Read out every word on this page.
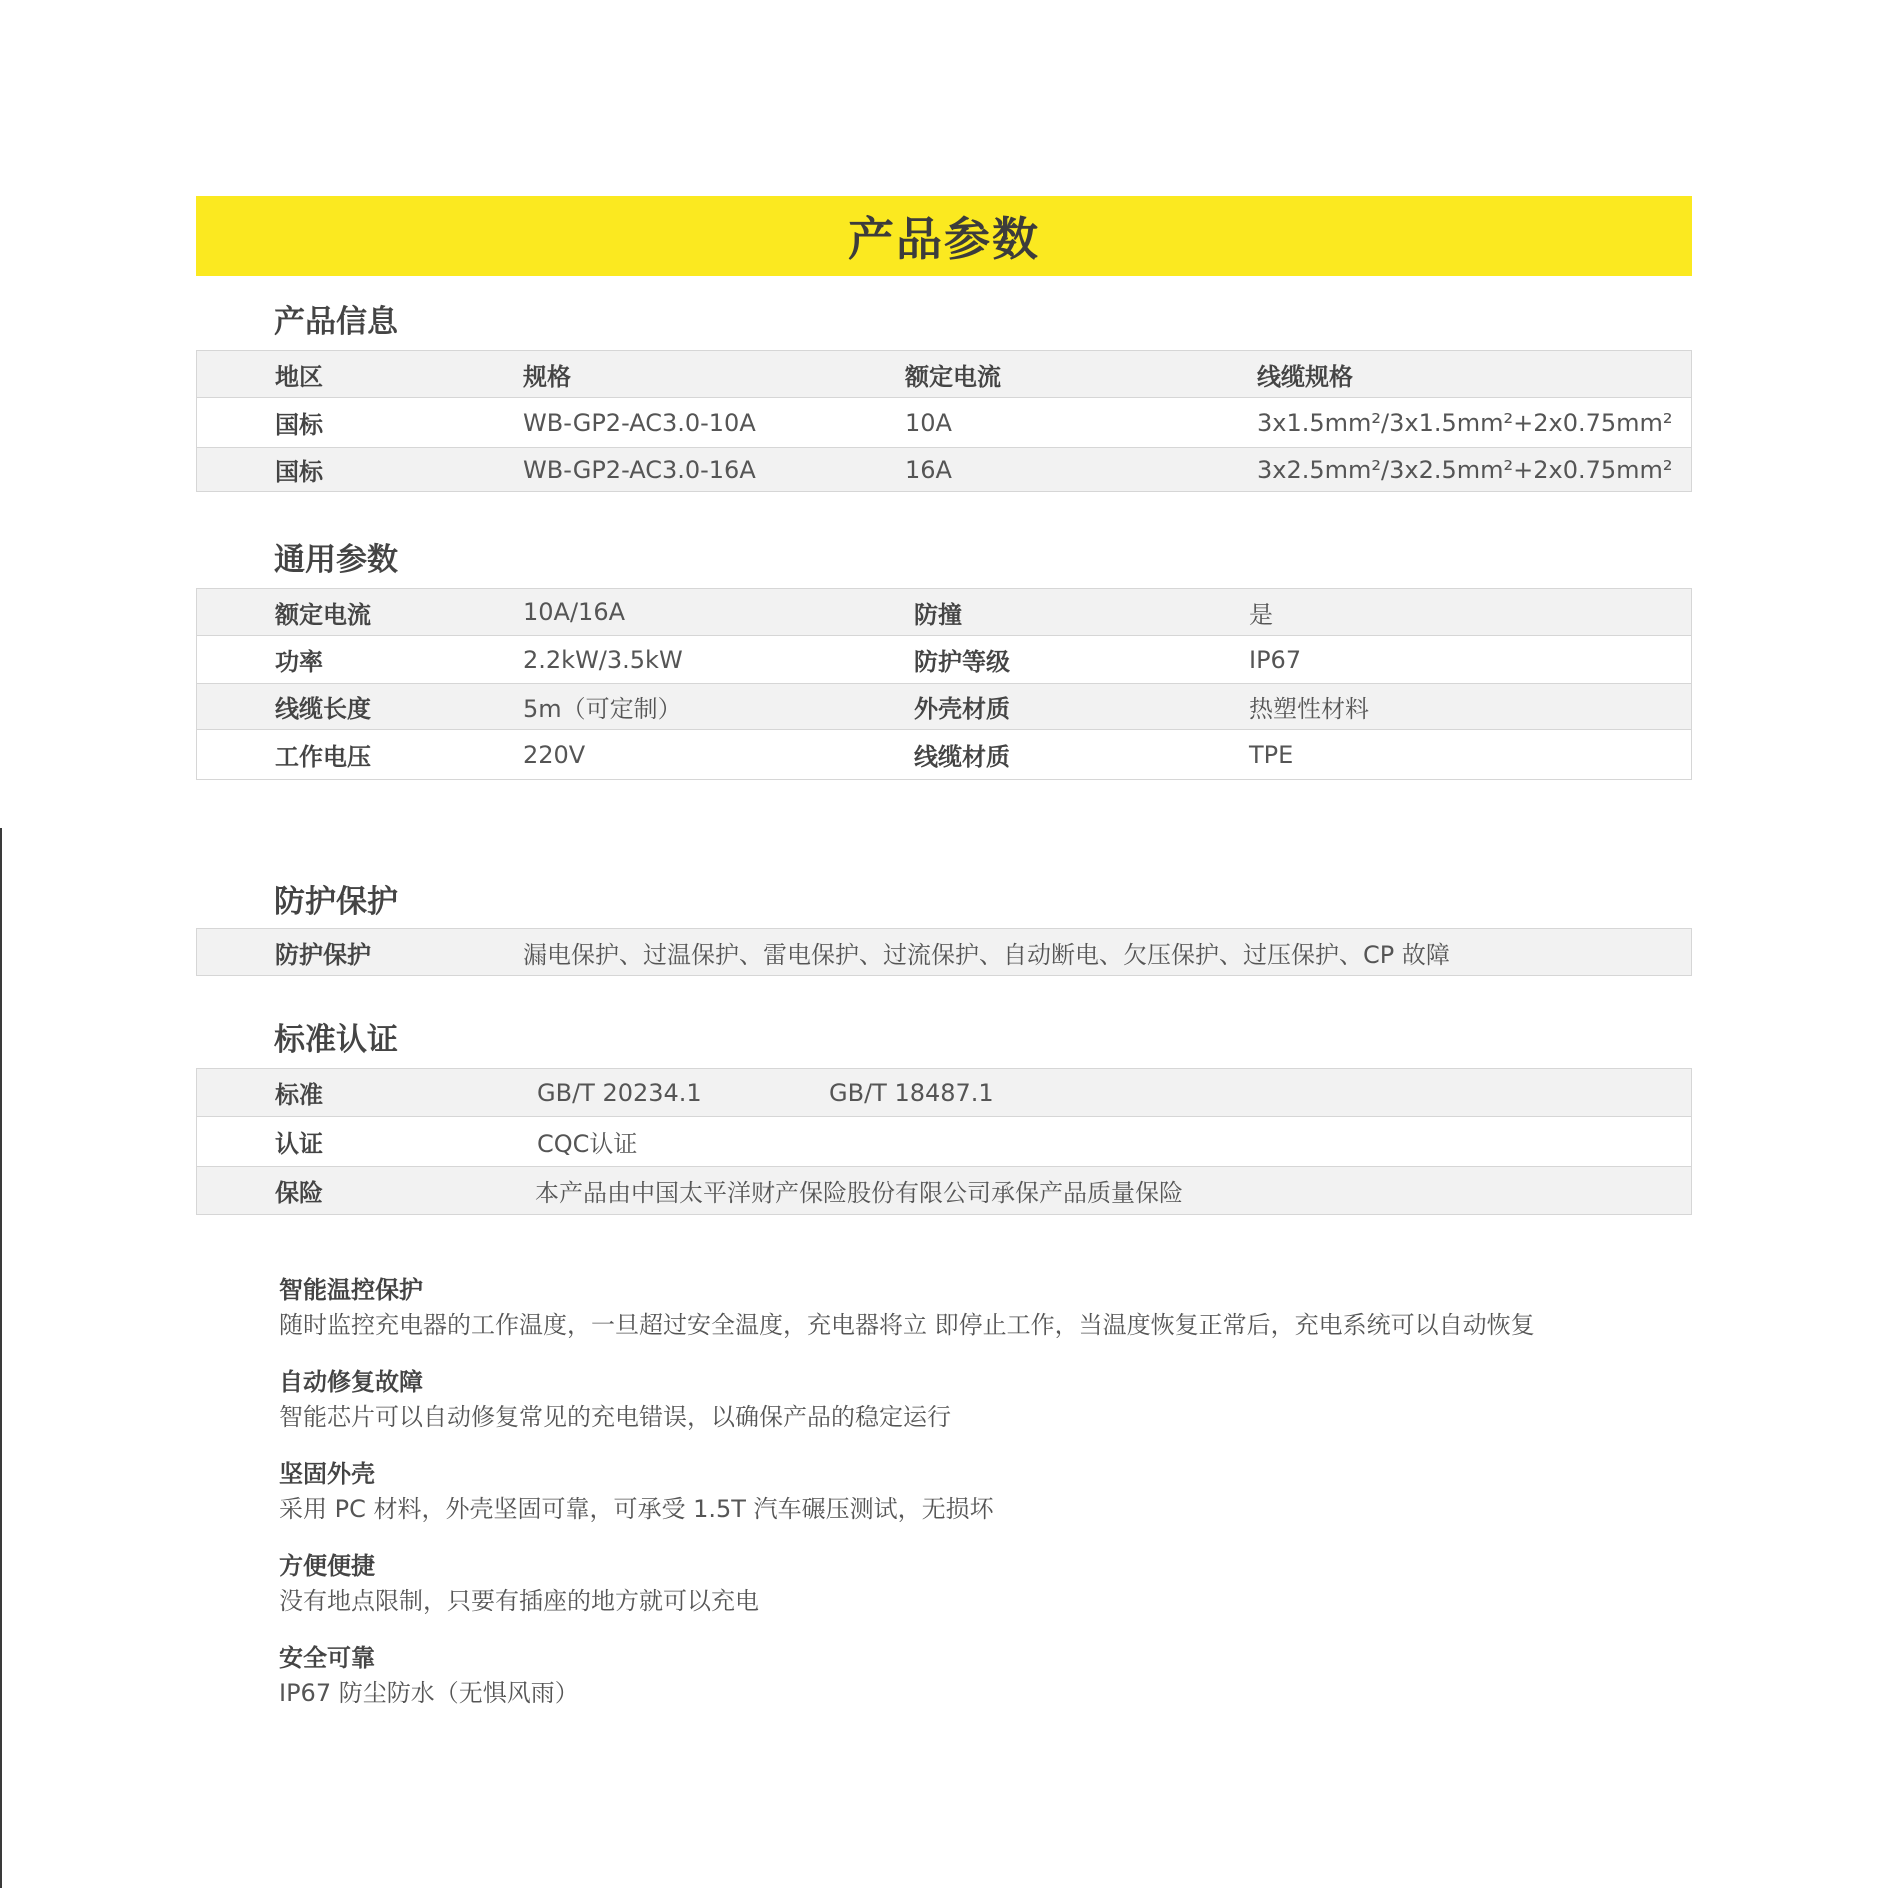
产品参数
产品信息
地区	规格	额定电流	线缆规格
国标	WB-GP2-AC3.0-10A	10A	3x1.5mm²/3x1.5mm²+2x0.75mm²
国标	WB-GP2-AC3.0-16A	16A	3x2.5mm²/3x2.5mm²+2x0.75mm²
通用参数
额定电流	10A/16A	防撞	是
功率	2.2kW/3.5kW	防护等级	IP67
线缆长度	5m（可定制）	外壳材质	热塑性材料
工作电压	220V	线缆材质	TPE
防护保护
防护保护	漏电保护、过温保护、雷电保护、过流保护、自动断电、欠压保护、过压保护、CP 故障
标准认证
标准	GB/T 20234.1	GB/T 18487.1
认证	CQC认证
保险	本产品由中国太平洋财产保险股份有限公司承保产品质量保险
智能温控保护
随时监控充电器的工作温度，一旦超过安全温度，充电器将立 即停止工作，当温度恢复正常后，充电系统可以自动恢复
自动修复故障
智能芯片可以自动修复常见的充电错误，以确保产品的稳定运行
坚固外壳
采用 PC 材料，外壳坚固可靠，可承受 1.5T 汽车碾压测试，无损坏
方便便捷
没有地点限制，只要有插座的地方就可以充电
安全可靠
IP67 防尘防水（无惧风雨）
